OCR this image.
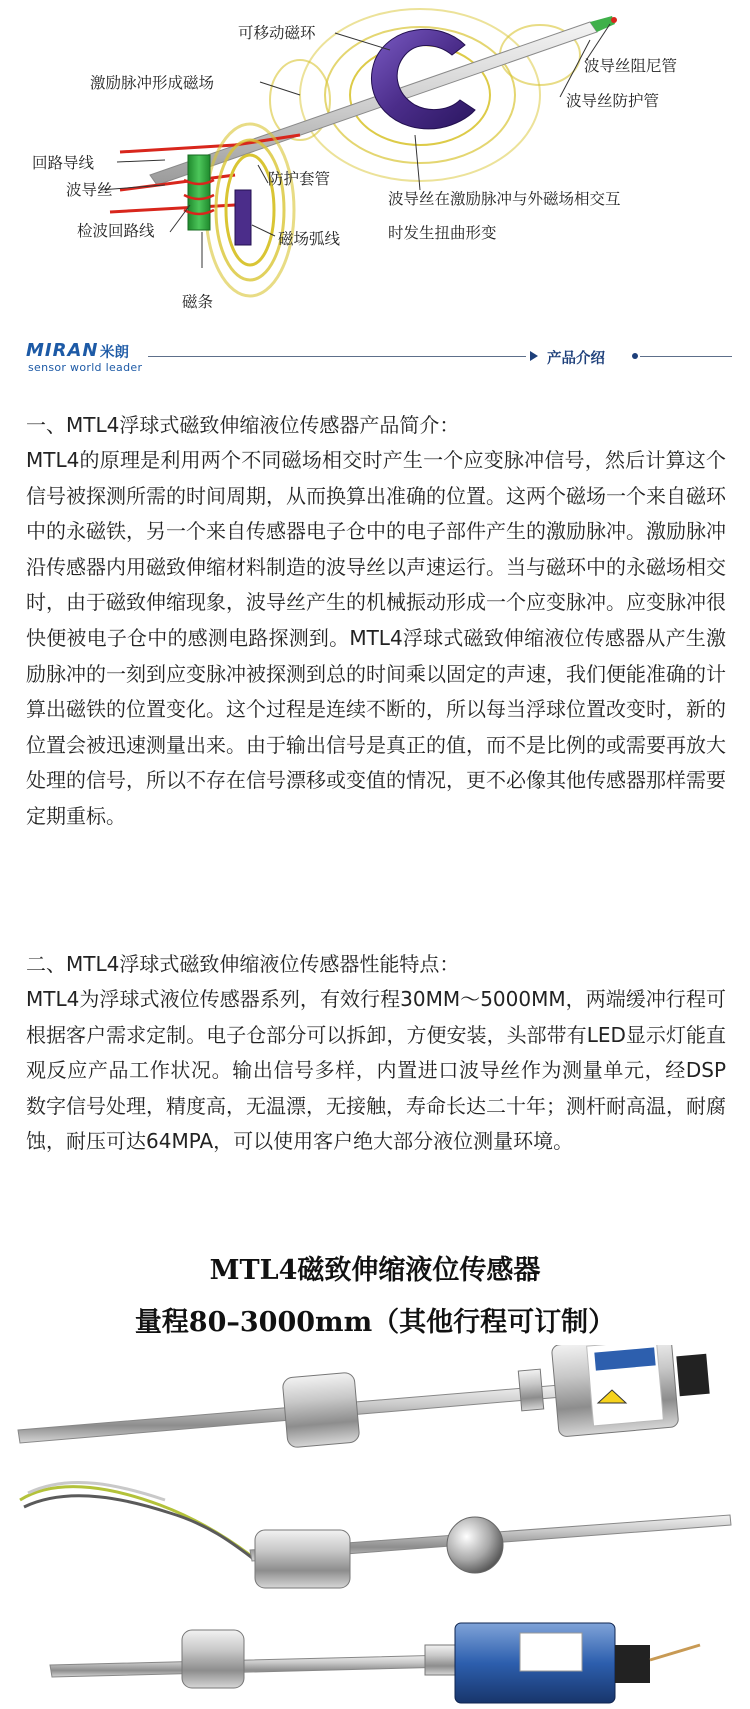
可移动磁环
激励脉冲形成磁场
波导丝阻尼管
波导丝防护管
回路导线
波导丝
防护套管
检波回路线
波导丝在激励脉冲与外磁场相交互
时发生扭曲形变
磁场弧线
磁条
MIRAN 米朗
sensor world leader
产品介绍
一、MTL4浮球式磁致伸缩液位传感器产品简介：

MTL4的原理是利用两个不同磁场相交时产生一个应变脉冲信号，然后计算这个信号被探测所需的时间周期，从而换算出准确的位置。这两个磁场一个来自磁环中的永磁铁，另一个来自传感器电子仓中的电子部件产生的激励脉冲。激励脉冲沿传感器内用磁致伸缩材料制造的波导丝以声速运行。当与磁环中的永磁场相交时，由于磁致伸缩现象，波导丝产生的机械振动形成一个应变脉冲。应变脉冲很快便被电子仓中的感测电路探测到。MTL4浮球式磁致伸缩液位传感器从产生激励脉冲的一刻到应变脉冲被探测到总的时间乘以固定的声速，我们便能准确的计算出磁铁的位置变化。这个过程是连续不断的，所以每当浮球位置改变时，新的位置会被迅速测量出来。由于输出信号是真正的值，而不是比例的或需要再放大处理的信号，所以不存在信号漂移或变值的情况，更不必像其他传感器那样需要定期重标。

二、MTL4浮球式磁致伸缩液位传感器性能特点：

MTL4为浮球式液位传感器系列，有效行程30MM～5000MM，两端缓冲行程可根据客户需求定制。电子仓部分可以拆卸，方便安装，头部带有LED显示灯能直观反应产品工作状况。输出信号多样，内置进口波导丝作为测量单元，经DSP数字信号处理，精度高，无温漂，无接触，寿命长达二十年；测杆耐高温，耐腐蚀，耐压可达64MPA，可以使用客户绝大部分液位测量环境。

MTL4磁致伸缩液位传感器
量程80–3000mm（其他行程可订制）
